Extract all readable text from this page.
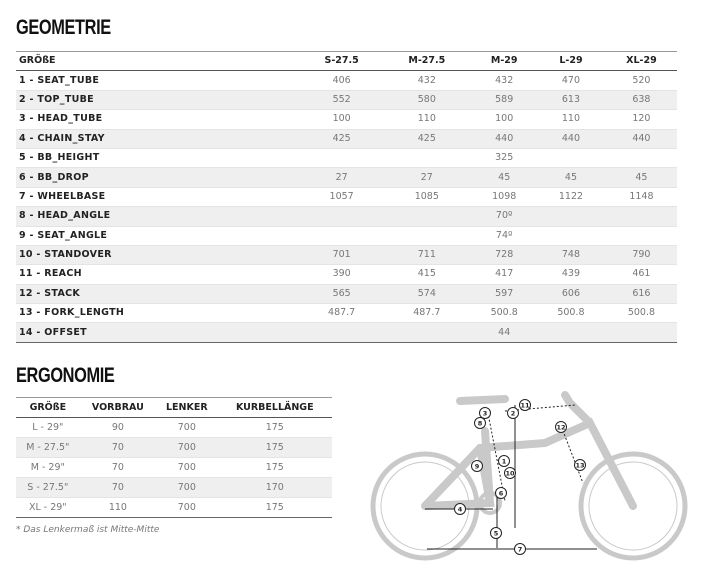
GEOMETRIE
GRÖßE	S-27.5	M-27.5	M-29	L-29	XL-29
1 - SEAT_TUBE	406	432	432	470	520
2 - TOP_TUBE	552	580	589	613	638
3 - HEAD_TUBE	100	110	100	110	120
4 - CHAIN_STAY	425	425	440	440	440
5 - BB_HEIGHT			325		
6 - BB_DROP	27	27	45	45	45
7 - WHEELBASE	1057	1085	1098	1122	1148
8 - HEAD_ANGLE			70º		
9 - SEAT_ANGLE			74º		
10 - STANDOVER	701	711	728	748	790
11 - REACH	390	415	417	439	461
12 - STACK	565	574	597	606	616
13 - FORK_LENGTH	487.7	487.7	500.8	500.8	500.8
14 - OFFSET			44		
ERGONOMIE
GRÖßE	VORBRAU	LENKER	KURBELLÄNGE
L - 29"	90	700	175
M - 27.5"	70	700	175
M - 29"	70	700	175
S - 27.5"	70	700	170
XL - 29"	110	700	175
* Das Lenkermaß ist Mitte-Mitte
1
2
3
4
5
6
7
8
9
10
11
12
13
